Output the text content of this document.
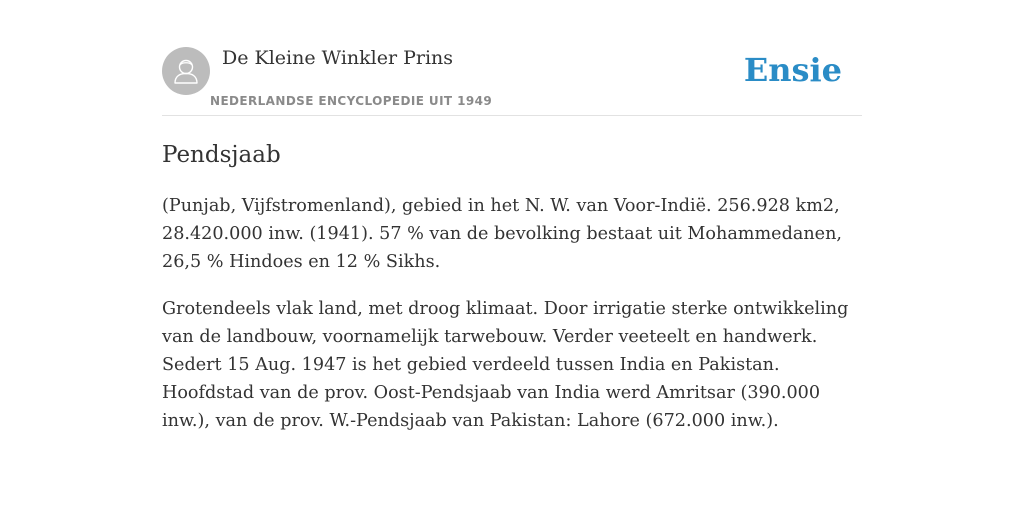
De Kleine Winkler Prins
NEDERLANDSE ENCYCLOPEDIE UIT 1949
Ensie
Pendsjaab

(Punjab, Vijfstromenland), gebied in het N. W. van Voor-Indië. 256.928 km2, 28.420.000 inw. (1941). 57 % van de bevolking bestaat uit Mohammedanen, 26,5 % Hindoes en 12 % Sikhs.

Grotendeels vlak land, met droog klimaat. Door irrigatie sterke ontwikkeling van de landbouw, voornamelijk tarwebouw. Verder veeteelt en handwerk. Sedert 15 Aug. 1947 is het gebied verdeeld tussen India en Pakistan. Hoofdstad van de prov. Oost-Pendsjaab van India werd Amritsar (390.000 inw.), van de prov. W.-Pendsjaab van Pakistan: Lahore (672.000 inw.).
